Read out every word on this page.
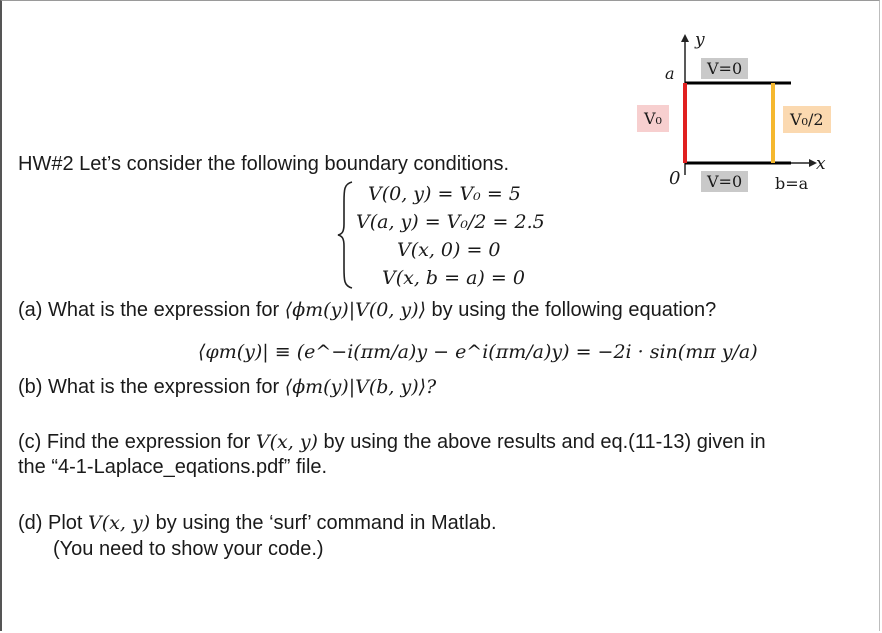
y
a	V=0
V₀	V₀/2
0	V=0
x
b=a
HW#2 Let’s consider the following boundary conditions.
V(0, y) = V₀ = 5
V(a, y) = V₀/2 = 2.5
V(x, 0) = 0
V(x, b = a) = 0
(a) What is the expression for ⟨ϕm(y)|V(0, y)⟩ by using the following equation?
⟨φm(y)| ≡ (e^−i(πm/a)y − e^i(πm/a)y) = −2i · sin(mπ y/a)
(b) What is the expression for ⟨ϕm(y)|V(b, y)⟩?
(c) Find the expression for V(x, y) by using the above results and eq.(11-13) given in
the “4-1-Laplace_eqations.pdf” file.
(d) Plot V(x, y) by using the ‘surf’ command in Matlab.
(You need to show your code.)
